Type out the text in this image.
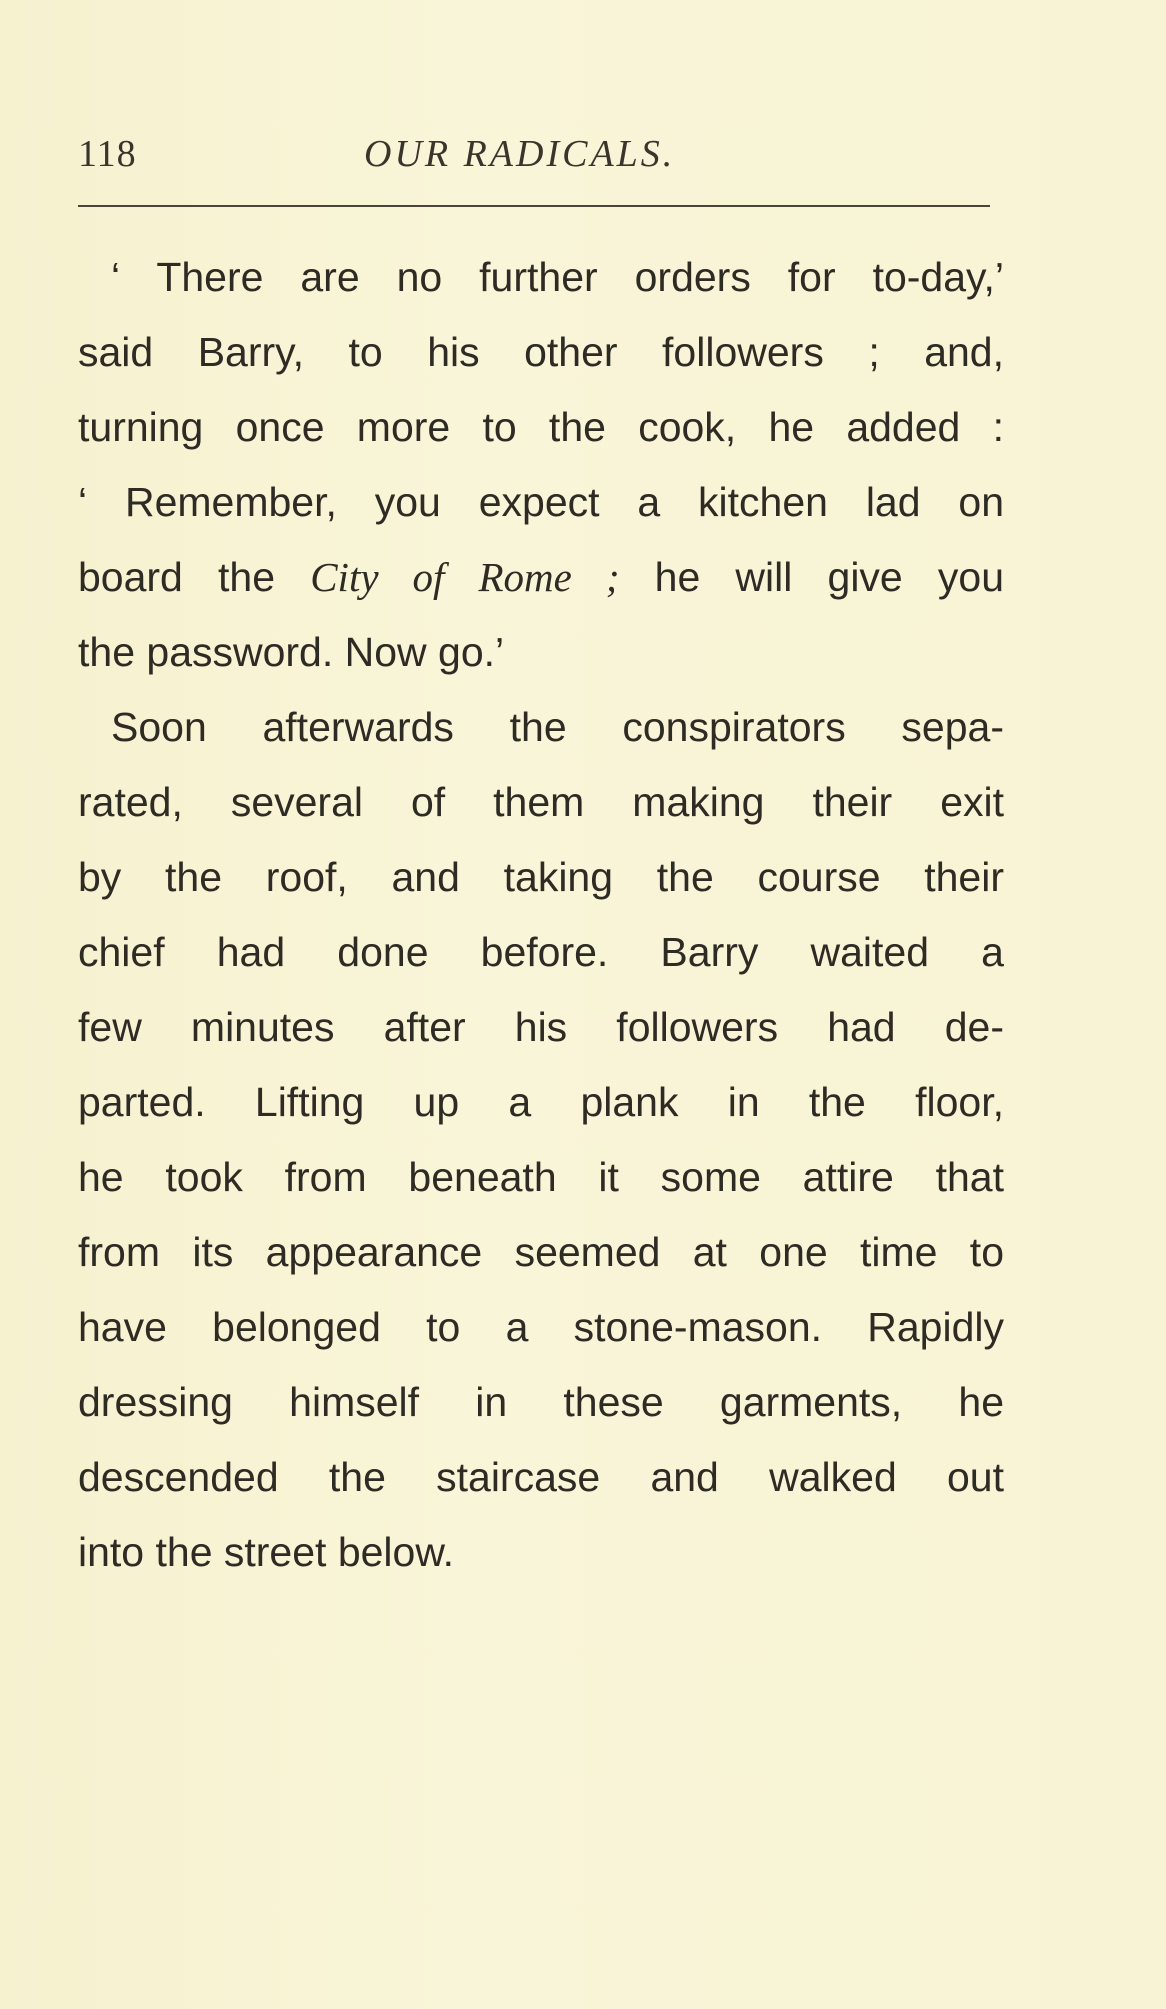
118	OUR RADICALS.
‘ There are no further orders for to-day,’
said Barry, to his other followers ; and,
turning once more to the cook, he added :
‘ Remember, you expect a kitchen lad on
board the City of Rome ; he will give you
the password. Now go.’
Soon afterwards the conspirators sepa-
rated, several of them making their exit
by the roof, and taking the course their
chief had done before. Barry waited a
few minutes after his followers had de-
parted. Lifting up a plank in the floor,
he took from beneath it some attire that
from its appearance seemed at one time to
have belonged to a stone-mason. Rapidly
dressing himself in these garments, he
descended the staircase and walked out
into the street below.
